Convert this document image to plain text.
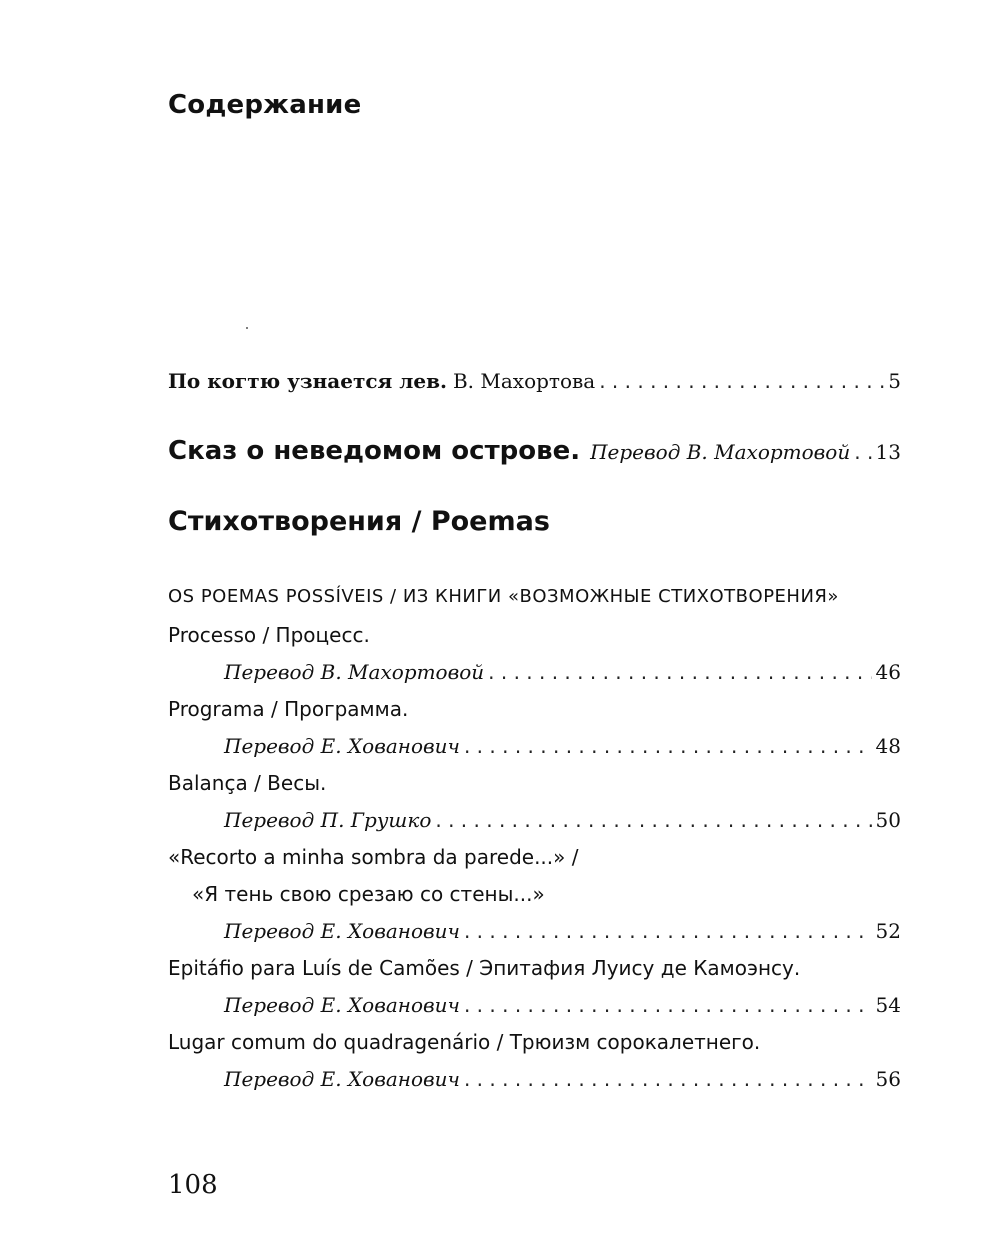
Содержание
По когтю узнается лев. В. Махортова . . .	5
Сказ о неведомом острове. Перевод В. Махортовой . . . 13
Стихотворения / Poemas

OS POEMAS POSSÍVEIS / ИЗ КНИГИ «ВОЗМОЖНЫЕ СТИХОТВОРЕНИЯ»

Processo / Процесс.

Перевод В. Махортовой . . .	46

Programa / Программа.

Перевод Е. Хованович . . .	48

Balança / Весы.

Перевод П. Грушко . . .	50

«Recorto a minha sombra da parede...» /

«Я тень свою срезаю со стены...»

Перевод Е. Хованович . . .	52

Epitáfio para Luís de Camões / Эпитафия Луису де Камоэнсу.

Перевод Е. Хованович . . .	54

Lugar comum do quadragenário / Трюизм сорокалетнего.

Перевод Е. Хованович . . .	56

108
